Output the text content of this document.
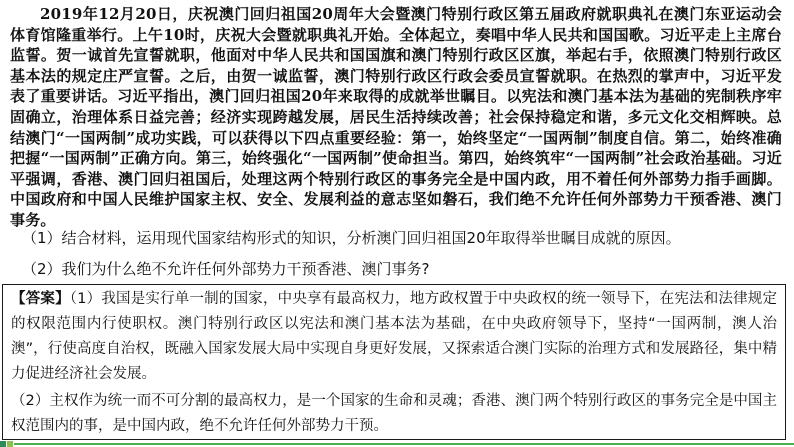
2019年12月20日，庆祝澳门回归祖国20周年大会暨澳门特别行政区第五届政府就职典礼在澳门东亚运动会体育馆隆重举行。上午10时，庆祝大会暨就职典礼开始。全体起立，奏唱中华人民共和国国歌。习近平走上主席台监誓。贺一诚首先宣誓就职，他面对中华人民共和国国旗和澳门特别行政区区旗，举起右手，依照澳门特别行政区基本法的规定庄严宣誓。之后，由贺一诚监誓，澳门特别行政区行政会委员宣誓就职。在热烈的掌声中，习近平发表了重要讲话。习近平指出，澳门回归祖国20年来取得的成就举世瞩目。以宪法和澳门基本法为基础的宪制秩序牢固确立，治理体系日益完善；经济实现跨越发展，居民生活持续改善；社会保持稳定和谐，多元文化交相辉映。总结澳门“一国两制”成功实践，可以获得以下四点重要经验：第一，始终坚定“一国两制”制度自信。第二，始终准确把握“一国两制”正确方向。第三，始终强化“一国两制”使命担当。第四，始终筑牢“一国两制”社会政治基础。习近平强调，香港、澳门回归祖国后，处理这两个特别行政区的事务完全是中国内政，用不着任何外部势力指手画脚。中国政府和中国人民维护国家主权、安全、发展利益的意志坚如磐石，我们绝不允许任何外部势力干预香港、澳门事务。

（1）结合材料，运用现代国家结构形式的知识，分析澳门回归祖国20年取得举世瞩目成就的原因。

（2）我们为什么绝不允许任何外部势力干预香港、澳门事务?

【答案】（1）我国是实行单一制的国家，中央享有最高权力，地方政权置于中央政权的统一领导下，在宪法和法律规定的权限范围内行使职权。澳门特别行政区以宪法和澳门基本法为基础，在中央政府领导下，坚持“一国两制，澳人治澳”，行使高度自治权，既融入国家发展大局中实现自身更好发展，又探索适合澳门实际的治理方式和发展路径，集中精力促进经济社会发展。

（2）主权作为统一而不可分割的最高权力，是一个国家的生命和灵魂；香港、澳门两个特别行政区的事务完全是中国主权范围内的事，是中国内政，绝不允许任何外部势力干预。
